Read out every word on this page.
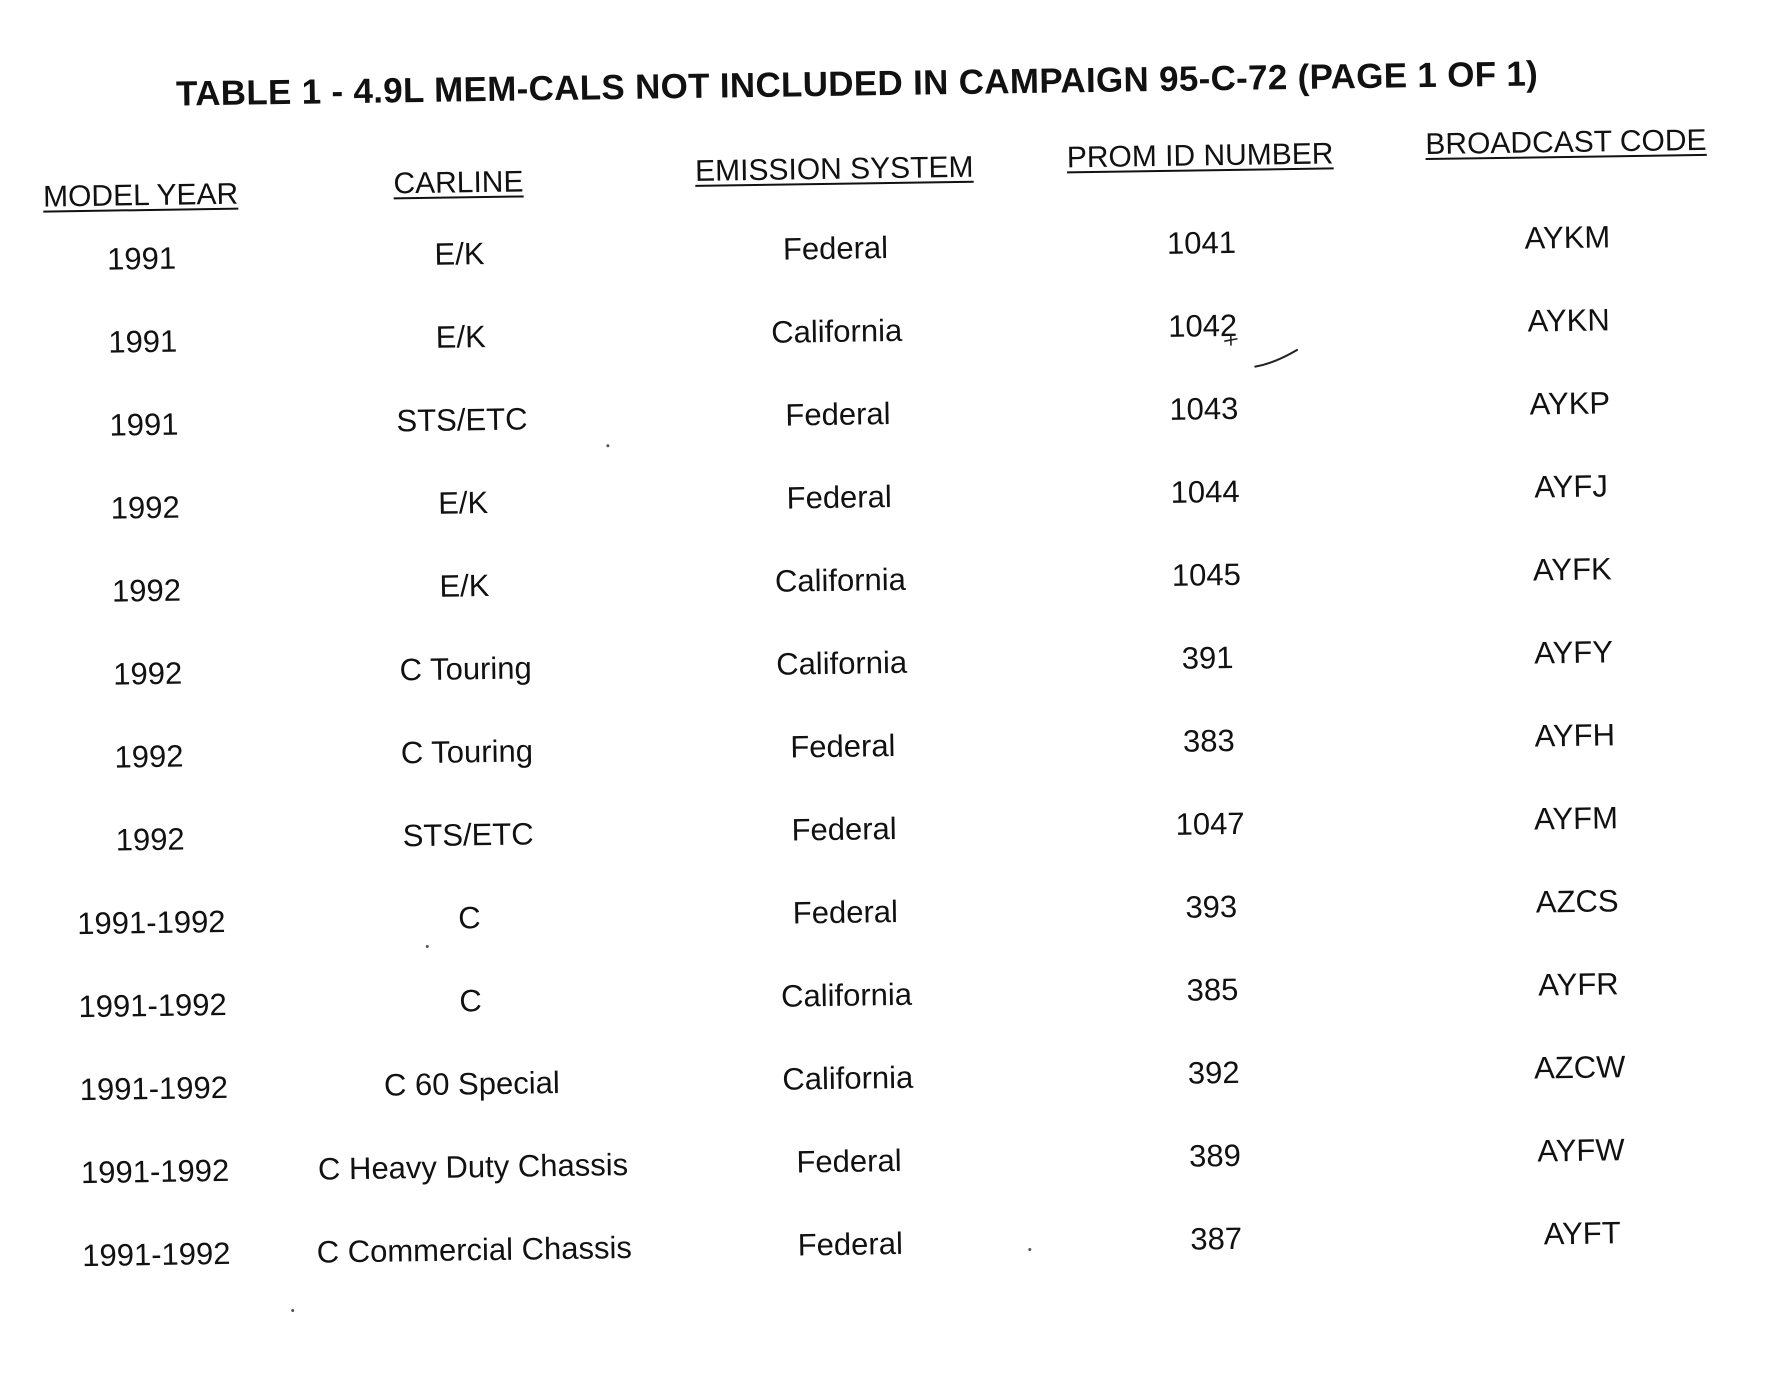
TABLE 1 - 4.9L MEM-CALS NOT INCLUDED IN CAMPAIGN 95-C-72 (PAGE 1 OF 1)
MODEL YEAR	CARLINE	EMISSION SYSTEM	PROM ID NUMBER	BROADCAST CODE
1991	E/K	Federal	1041	AYKM
1991	E/K	California	1042	AYKN
1991	STS/ETC	Federal	1043	AYKP
1992	E/K	Federal	1044	AYFJ
1992	E/K	California	1045	AYFK
1992	C Touring	California	391	AYFY
1992	C Touring	Federal	383	AYFH
1992	STS/ETC	Federal	1047	AYFM
1991-1992	C	Federal	393	AZCS
1991-1992	C	California	385	AYFR
1991-1992	C 60 Special	California	392	AZCW
1991-1992	C Heavy Duty Chassis	Federal	389	AYFW
1991-1992	C Commercial Chassis	Federal	387	AYFT
